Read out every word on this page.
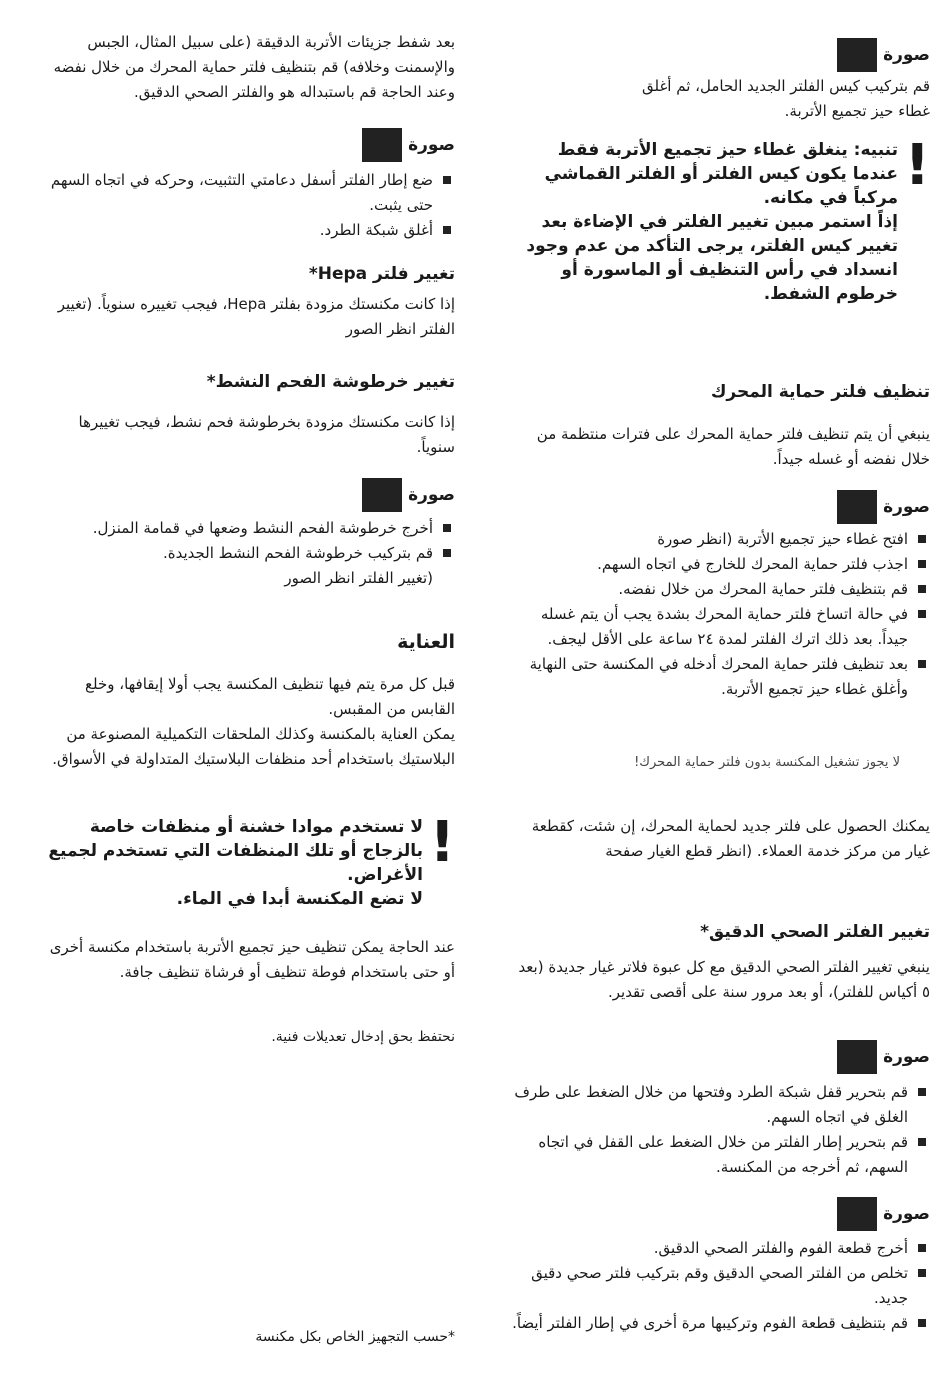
صورة

قم بتركيب كيس الفلتر الجديد الحامل، ثم أغلق غطاء حيز تجميع الأتربة.

!
تنبيه: ينغلق غطاء حيز تجميع الأتربة فقط عندما يكون كيس الفلتر أو الفلتر القماشي مركباً في مكانه.
إذاً استمر مبين تغيير الفلتر في الإضاءة بعد تغيير كيس الفلتر، يرجى التأكد من عدم وجود انسداد في رأس التنظيف أو الماسورة أو خرطوم الشفط.
تنظيف فلتر حماية المحرك

ينبغي أن يتم تنظيف فلتر حماية المحرك على فترات منتظمة من خلال نفضه أو غسله جيداً.

صورة
افتح غطاء حيز تجميع الأتربة (انظر صورة
اجذب فلتر حماية المحرك للخارج في اتجاه السهم.
قم بتنظيف فلتر حماية المحرك من خلال نفضه.
في حالة اتساخ فلتر حماية المحرك بشدة يجب أن يتم غسله جيداً. بعد ذلك اترك الفلتر لمدة ٢٤ ساعة على الأقل ليجف.
بعد تنظيف فلتر حماية المحرك أدخله في المكنسة حتى النهاية وأغلق غطاء حيز تجميع الأتربة.

لا يجوز تشغيل المكنسة بدون فلتر حماية المحرك!

يمكنك الحصول على فلتر جديد لحماية المحرك، إن شئت، كقطعة غيار من مركز خدمة العملاء. (انظر قطع الغيار صفحة

تغيير الفلتر الصحي الدقيق*

ينبغي تغيير الفلتر الصحي الدقيق مع كل عبوة فلاتر غيار جديدة (بعد ٥ أكياس للفلتر)، أو بعد مرور سنة على أقصى تقدير.

صورة
قم بتحرير قفل شبكة الطرد وفتحها من خلال الضغط على طرف الغلق في اتجاه السهم.
قم بتحرير إطار الفلتر من خلال الضغط على القفل في اتجاه السهم، ثم أخرجه من المكنسة.
صورة
أخرج قطعة الفوم والفلتر الصحي الدقيق.
تخلص من الفلتر الصحي الدقيق وقم بتركيب فلتر صحي دقيق جديد.
قم بتنظيف قطعة الفوم وتركيبها مرة أخرى في إطار الفلتر أيضاً.

بعد شفط جزيئات الأتربة الدقيقة (على سبيل المثال، الجبس والإسمنت وخلافه) قم بتنظيف فلتر حماية المحرك من خلال نفضه وعند الحاجة قم باستبداله هو والفلتر الصحي الدقيق.

صورة
ضع إطار الفلتر أسفل دعامتي التثبيت، وحركه في اتجاه السهم حتى يثبت.
أغلق شبكة الطرد.
تغيير فلتر Hepa*

إذا كانت مكنستك مزودة بفلتر Hepa، فيجب تغييره سنوياً. (تغيير الفلتر انظر الصور

تغيير خرطوشة الفحم النشط*

إذا كانت مكنستك مزودة بخرطوشة فحم نشط، فيجب تغييرها سنوياً.

صورة
أخرج خرطوشة الفحم النشط وضعها في قمامة المنزل.
قم بتركيب خرطوشة الفحم النشط الجديدة.

(تغيير الفلتر انظر الصور

العناية

قبل كل مرة يتم فيها تنظيف المكنسة يجب أولا إيقافها، وخلع القابس من المقبس.

يمكن العناية بالمكنسة وكذلك الملحقات التكميلية المصنوعة من البلاستيك باستخدام أحد منظفات البلاستيك المتداولة في الأسواق.

!
لا تستخدم موادا خشنة أو منظفات خاصة بالزجاج أو تلك المنظفات التي تستخدم لجميع الأغراض.
لا تضع المكنسة أبدا في الماء.

عند الحاجة يمكن تنظيف حيز تجميع الأتربة باستخدام مكنسة أخرى أو حتى باستخدام فوطة تنظيف أو فرشاة تنظيف جافة.

نحتفظ بحق إدخال تعديلات فنية.

*حسب التجهيز الخاص بكل مكنسة
